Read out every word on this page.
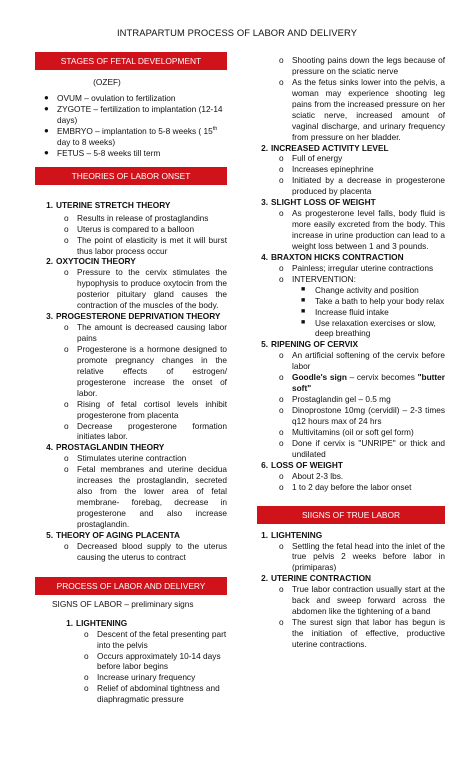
INTRAPARTUM PROCESS OF LABOR AND DELIVERY
STAGES OF FETAL DEVELOPMENT
(OZEF)
● OVUM – ovulation to fertilization
● ZYGOTE – fertilization to implantation (12-14 days)
● EMBRYO – implantation to 5-8 weeks ( 15th day to 8 weeks)
● FETUS – 5-8 weeks till term
THEORIES OF LABOR ONSET
1. UTERINE STRETCH THEORY
o Results in release of prostaglandins
o Uterus is compared to a balloon
o The point of elasticity is met it will burst thus labor process occur
2. OXYTOCIN THEORY
o Pressure to the cervix stimulates the hypophysis to produce oxytocin from the posterior pituitary gland causes the contraction of the muscles of the body.
3. PROGESTERONE DEPRIVATION THEORY
o The amount is decreased causing labor pains
o Progesterone is a hormone designed to promote pregnancy changes in the relative effects of estrogen/ progesterone increase the onset of labor.
o Rising of fetal cortisol levels inhibit progesterone from placenta
o Decrease progesterone formation initiates labor.
4. PROSTAGLANDIN THEORY
o Stimulates uterine contraction
o Fetal membranes and uterine decidua increases the prostaglandin, secreted also from the lower area of fetal membrane- forebag, decrease in progesterone and also increase prostaglandin.
5. THEORY OF AGING PLACENTA
o Decreased blood supply to the uterus causing the uterus to contract
PROCESS OF LABOR AND DELIVERY
SIGNS OF LABOR – preliminary signs
1. LIGHTENING
o Descent of the fetal presenting part into the pelvis
o Occurs approximately 10-14 days before labor begins
o Increase urinary frequency
o Relief of abdominal tightness and diaphragmatic pressure
o Shooting pains down the legs because of pressure on the sciatic nerve
o As the fetus sinks lower into the pelvis, a woman may experience shooting leg pains from the increased pressure on her sciatic nerve, increased amount of vaginal discharge, and urinary frequency from pressure on her bladder.
2. INCREASED ACTIVITY LEVEL
o Full of energy
o Increases epinephrine
o Initiated by a decrease in progesterone produced by placenta
3. SLIGHT LOSS OF WEIGHT
o As progesterone level falls, body fluid is more easily excreted from the body. This increase in urine production can lead to a weight loss between 1 and 3 pounds.
4. BRAXTON HICKS CONTRACTION
o Painless; irregular uterine contractions
o INTERVENTION:
■ Change activity and position
■ Take a bath to help your body relax
■ Increase fluid intake
■ Use relaxation exercises or slow, deep breathing
5. RIPENING OF CERVIX
o An artificial softening of the cervix before labor
o Goodle's sign – cervix becomes "butter soft"
o Prostaglandin gel – 0.5 mg
o Dinoprostone 10mg (cervidil) – 2-3 times q12 hours max of 24 hrs
o Multivitamins (oil or soft gel form)
o Done if cervix is "UNRIPE" or thick and undilated
6. LOSS OF WEIGHT
o About 2-3 lbs.
o 1 to 2 day before the labor onset
SIIGNS OF TRUE LABOR
1. LIGHTENING
o Settling the fetal head into the inlet of the true pelvis 2 weeks before labor in (primiparas)
2. UTERINE CONTRACTION
o True labor contraction usually start at the back and sweep forward across the abdomen like the tightening of a band
o The surest sign that labor has begun is the initiation of effective, productive uterine contractions.
